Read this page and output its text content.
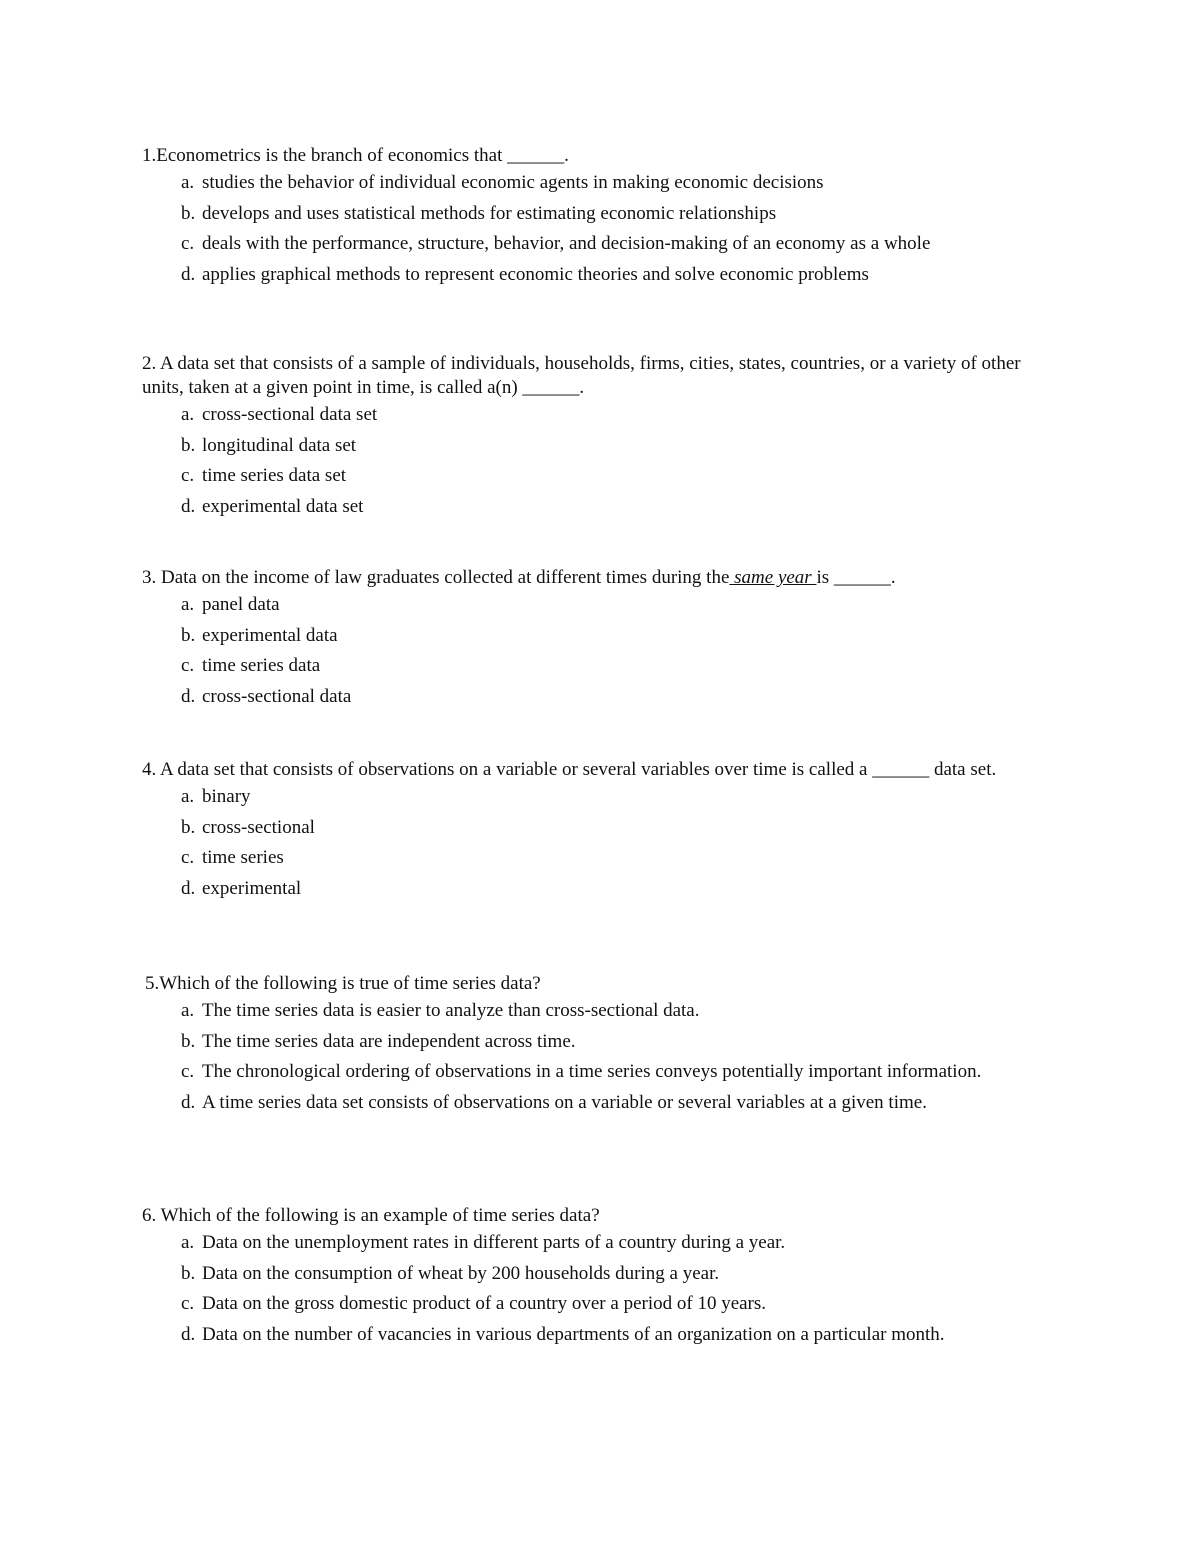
1.Econometrics is the branch of economics that ______.

a. studies the behavior of individual economic agents in making economic decisions
b. develops and uses statistical methods for estimating economic relationships
c. deals with the performance, structure, behavior, and decision-making of an economy as a whole
d. applies graphical methods to represent economic theories and solve economic problems

2. A data set that consists of a sample of individuals, households, firms, cities, states, countries, or a variety of other units, taken at a given point in time, is called a(n) ______.

a. cross-sectional data set
b. longitudinal data set
c. time series data set
d. experimental data set

3. Data on the income of law graduates collected at different times during the same year is ______.

a. panel data
b. experimental data
c. time series data
d. cross-sectional data

4. A data set that consists of observations on a variable or several variables over time is called a ______ data set.

a. binary
b. cross-sectional
c. time series
d. experimental

5.Which of the following is true of time series data?

a. The time series data is easier to analyze than cross-sectional data.
b. The time series data are independent across time.
c. The chronological ordering of observations in a time series conveys potentially important information.
d. A time series data set consists of observations on a variable or several variables at a given time.

6. Which of the following is an example of time series data?

a. Data on the unemployment rates in different parts of a country during a year.
b. Data on the consumption of wheat by 200 households during a year.
c. Data on the gross domestic product of a country over a period of 10 years.
d. Data on the number of vacancies in various departments of an organization on a particular month.
